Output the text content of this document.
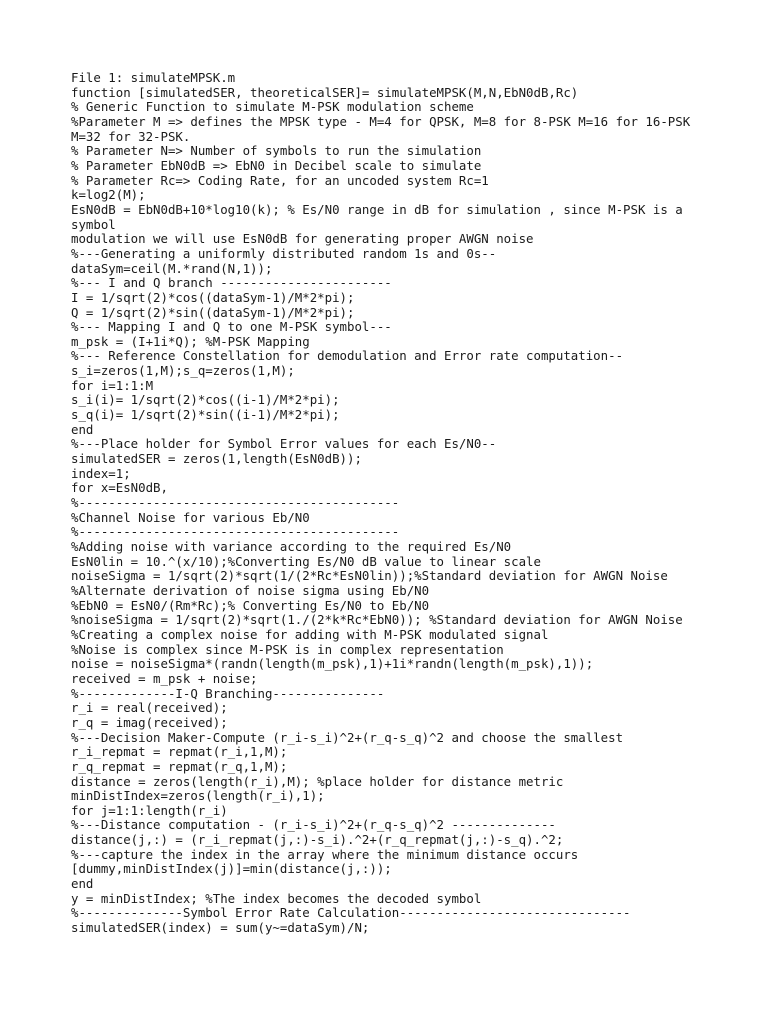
File 1: simulateMPSK.m
function [simulatedSER, theoreticalSER]= simulateMPSK(M,N,EbN0dB,Rc)
% Generic Function to simulate M-PSK modulation scheme
%Parameter M => defines the MPSK type - M=4 for QPSK, M=8 for 8-PSK M=16 for 16-PSK
M=32 for 32-PSK.
% Parameter N=> Number of symbols to run the simulation
% Parameter EbN0dB => EbN0 in Decibel scale to simulate
% Parameter Rc=> Coding Rate, for an uncoded system Rc=1
k=log2(M);
EsN0dB = EbN0dB+10*log10(k); % Es/N0 range in dB for simulation , since M-PSK is a
symbol
modulation we will use EsN0dB for generating proper AWGN noise
%---Generating a uniformly distributed random 1s and 0s--
dataSym=ceil(M.*rand(N,1));
%--- I and Q branch -----------------------
I = 1/sqrt(2)*cos((dataSym-1)/M*2*pi);
Q = 1/sqrt(2)*sin((dataSym-1)/M*2*pi);
%--- Mapping I and Q to one M-PSK symbol---
m_psk = (I+1i*Q); %M-PSK Mapping
%--- Reference Constellation for demodulation and Error rate computation--
s_i=zeros(1,M);s_q=zeros(1,M);
for i=1:1:M
s_i(i)= 1/sqrt(2)*cos((i-1)/M*2*pi);
s_q(i)= 1/sqrt(2)*sin((i-1)/M*2*pi);
end
%---Place holder for Symbol Error values for each Es/N0--
simulatedSER = zeros(1,length(EsN0dB));
index=1;
for x=EsN0dB,
%-------------------------------------------
%Channel Noise for various Eb/N0
%-------------------------------------------
%Adding noise with variance according to the required Es/N0
EsN0lin = 10.^(x/10);%Converting Es/N0 dB value to linear scale
noiseSigma = 1/sqrt(2)*sqrt(1/(2*Rc*EsN0lin));%Standard deviation for AWGN Noise
%Alternate derivation of noise sigma using Eb/N0
%EbN0 = EsN0/(Rm*Rc);% Converting Es/N0 to Eb/N0
%noiseSigma = 1/sqrt(2)*sqrt(1./(2*k*Rc*EbN0)); %Standard deviation for AWGN Noise
%Creating a complex noise for adding with M-PSK modulated signal
%Noise is complex since M-PSK is in complex representation
noise = noiseSigma*(randn(length(m_psk),1)+1i*randn(length(m_psk),1));
received = m_psk + noise;
%-------------I-Q Branching---------------
r_i = real(received);
r_q = imag(received);
%---Decision Maker-Compute (r_i-s_i)^2+(r_q-s_q)^2 and choose the smallest
r_i_repmat = repmat(r_i,1,M);
r_q_repmat = repmat(r_q,1,M);
distance = zeros(length(r_i),M); %place holder for distance metric
minDistIndex=zeros(length(r_i),1);
for j=1:1:length(r_i)
%---Distance computation - (r_i-s_i)^2+(r_q-s_q)^2 --------------
distance(j,:) = (r_i_repmat(j,:)-s_i).^2+(r_q_repmat(j,:)-s_q).^2;
%---capture the index in the array where the minimum distance occurs
[dummy,minDistIndex(j)]=min(distance(j,:));
end
y = minDistIndex; %The index becomes the decoded symbol
%--------------Symbol Error Rate Calculation-------------------------------
simulatedSER(index) = sum(y~=dataSym)/N;
